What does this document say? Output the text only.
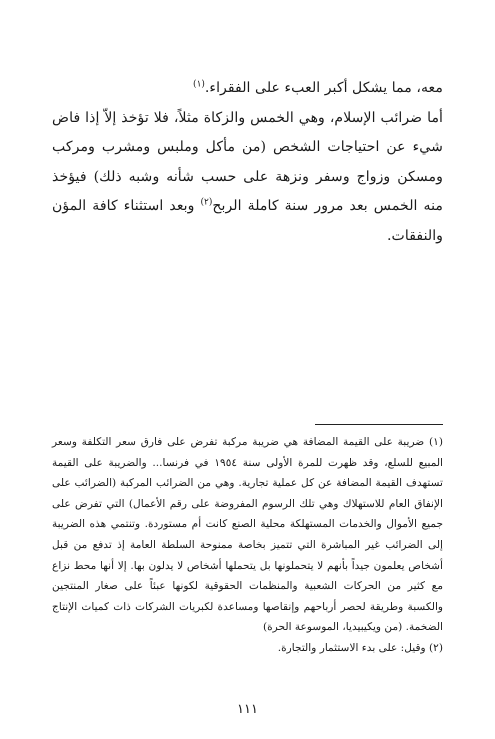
معه، مما يشكل أكبر العبء على الفقراء.$^{(١)}$

أما ضرائب الإسلام، وهي الخمس والزكاة مثلاً، فلا تؤخذ إلاّ إذا فاض شيء عن احتياجات الشخص (من مأكل وملبس ومشرب ومركب ومسكن وزواج وسفر ونزهة على حسب شأنه وشبه ذلك) فيؤخذ منه الخمس بعد مرور سنة كاملة الربح$^{(٢)}$ وبعد استثناء كافة المؤن والنفقات.

(١) ضريبة على القيمة المضافة هي ضريبة مركبة تفرض على فارق سعر التكلفة وسعر المبيع للسلع، وقد ظهرت للمرة الأولى سنة ١٩٥٤ في فرنسا... والضريبة على القيمة تستهدف القيمة المضافة عن كل عملية تجارية. وهي من الضرائب المركبة (الضرائب على الإنفاق العام للاستهلاك وهي تلك الرسوم المفروضة على رقم الأعمال) التي تفرض على جميع الأموال والخدمات المستهلكة محلية الصنع كانت أم مستوردة. وتنتمي هذه الضريبة إلى الضرائب غير المباشرة التي تتميز بخاصة ممنوحة السلطة العامة إذ تدفع من قبل أشخاص يعلمون جيداً بأنهم لا يتحملونها بل يتحملها أشخاص لا يدلون بها. إلا أنها محط نزاع مع كثير من الحركات الشعبية والمنظمات الحقوقية لكونها عبئاً على صغار المنتجين والكسبة وطريقة لحصر أرباحهم وإنقاصها ومساعدة لكبريات الشركات ذات كميات الإنتاج الضخمة. (من ويكيبيديا، الموسوعة الحرة)

(٢) وقيل: على بدء الاستثمار والتجارة.

١١١
